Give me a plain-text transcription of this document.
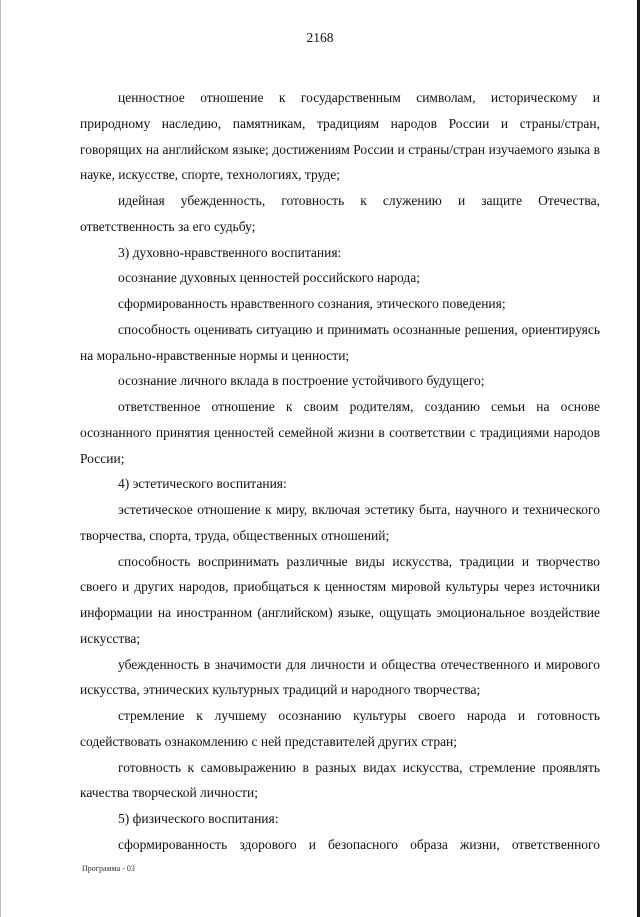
2168

ценностное отношение к государственным символам, историческому и природному наследию, памятникам, традициям народов России и страны/стран, говорящих на английском языке; достижениям России и страны/стран изучаемого языка в науке, искусстве, спорте, технологиях, труде;

идейная убежденность, готовность к служению и защите Отечества, ответственность за его судьбу;

3) духовно-нравственного воспитания:

осознание духовных ценностей российского народа;

сформированность нравственного сознания, этического поведения;

способность оценивать ситуацию и принимать осознанные решения, ориентируясь на морально-нравственные нормы и ценности;

осознание личного вклада в построение устойчивого будущего;

ответственное отношение к своим родителям, созданию семьи на основе осознанного принятия ценностей семейной жизни в соответствии с традициями народов России;

4) эстетического воспитания:

эстетическое отношение к миру, включая эстетику быта, научного и технического творчества, спорта, труда, общественных отношений;

способность воспринимать различные виды искусства, традиции и творчество своего и других народов, приобщаться к ценностям мировой культуры через источники информации на иностранном (английском) языке, ощущать эмоциональное воздействие искусства;

убежденность в значимости для личности и общества отечественного и мирового искусства, этнических культурных традиций и народного творчества;

стремление к лучшему осознанию культуры своего народа и готовность содействовать ознакомлению с ней представителей других стран;

готовность к самовыражению в разных видах искусства, стремление проявлять качества творческой личности;

5) физического воспитания:

сформированность здорового и безопасного образа жизни, ответственного

Программа - 03
